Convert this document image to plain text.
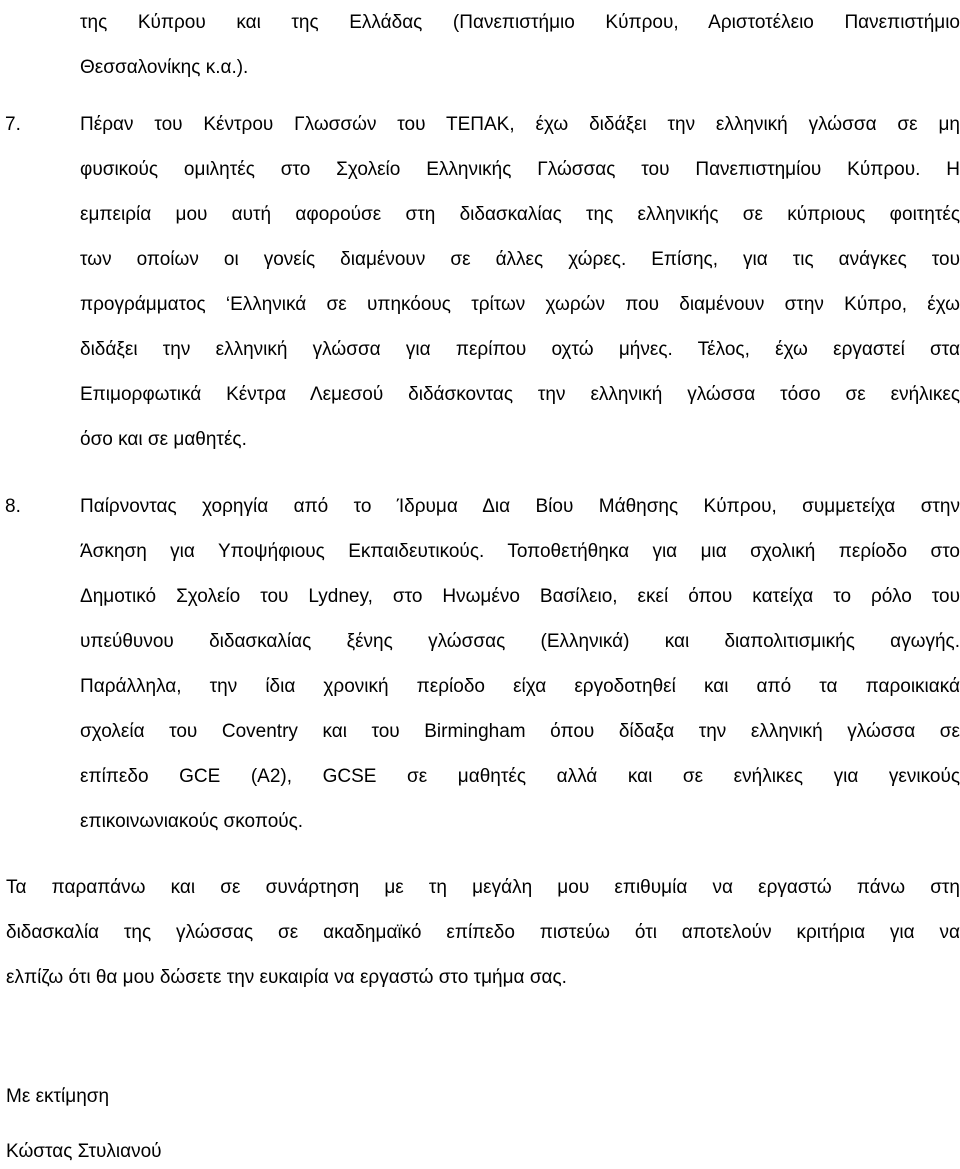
της Κύπρου και της Ελλάδας (Πανεπιστήμιο Κύπρου, Αριστοτέλειο Πανεπιστήμιο
Θεσσαλονίκης κ.α.).
7.	Πέραν του Κέντρου Γλωσσών του ΤΕΠΑΚ, έχω διδάξει την ελληνική γλώσσα σε μη
φυσικούς ομιλητές στο Σχολείο Ελληνικής Γλώσσας του Πανεπιστημίου Κύπρου. Η
εμπειρία μου αυτή αφορούσε στη διδασκαλίας της ελληνικής σε κύπριους φοιτητές
των οποίων οι γονείς διαμένουν σε άλλες χώρες. Επίσης, για τις ανάγκες του
προγράμματος ‘Ελληνικά σε υπηκόους τρίτων χωρών που διαμένουν στην Κύπρο, έχω
διδάξει την ελληνική γλώσσα για περίπου οχτώ μήνες. Τέλος, έχω εργαστεί στα
Επιμορφωτικά Κέντρα Λεμεσού διδάσκοντας την ελληνική γλώσσα τόσο σε ενήλικες
όσο και σε μαθητές.
8.	Παίρνοντας χορηγία από το Ίδρυμα Δια Βίου Μάθησης Κύπρου, συμμετείχα στην
Άσκηση για Υποψήφιους Εκπαιδευτικούς. Τοποθετήθηκα για μια σχολική περίοδο στο
Δημοτικό Σχολείο του Lydney, στο Ηνωμένο Βασίλειο, εκεί όπου κατείχα το ρόλο του
υπεύθυνου διδασκαλίας ξένης γλώσσας (Ελληνικά) και διαπολιτισμικής αγωγής.
Παράλληλα, την ίδια χρονική περίοδο είχα εργοδοτηθεί και από τα παροικιακά
σχολεία του Coventry και του Birmingham όπου δίδαξα την ελληνική γλώσσα σε
επίπεδο GCE (A2), GCSE σε μαθητές αλλά και σε ενήλικες για γενικούς
επικοινωνιακούς σκοπούς.
Τα παραπάνω και σε συνάρτηση με τη μεγάλη μου επιθυμία να εργαστώ πάνω στη
διδασκαλία της γλώσσας σε ακαδημαϊκό επίπεδο πιστεύω ότι αποτελούν κριτήρια για να
ελπίζω ότι θα μου δώσετε την ευκαιρία να εργαστώ στο τμήμα σας.
Με εκτίμηση
Κώστας Στυλιανού
